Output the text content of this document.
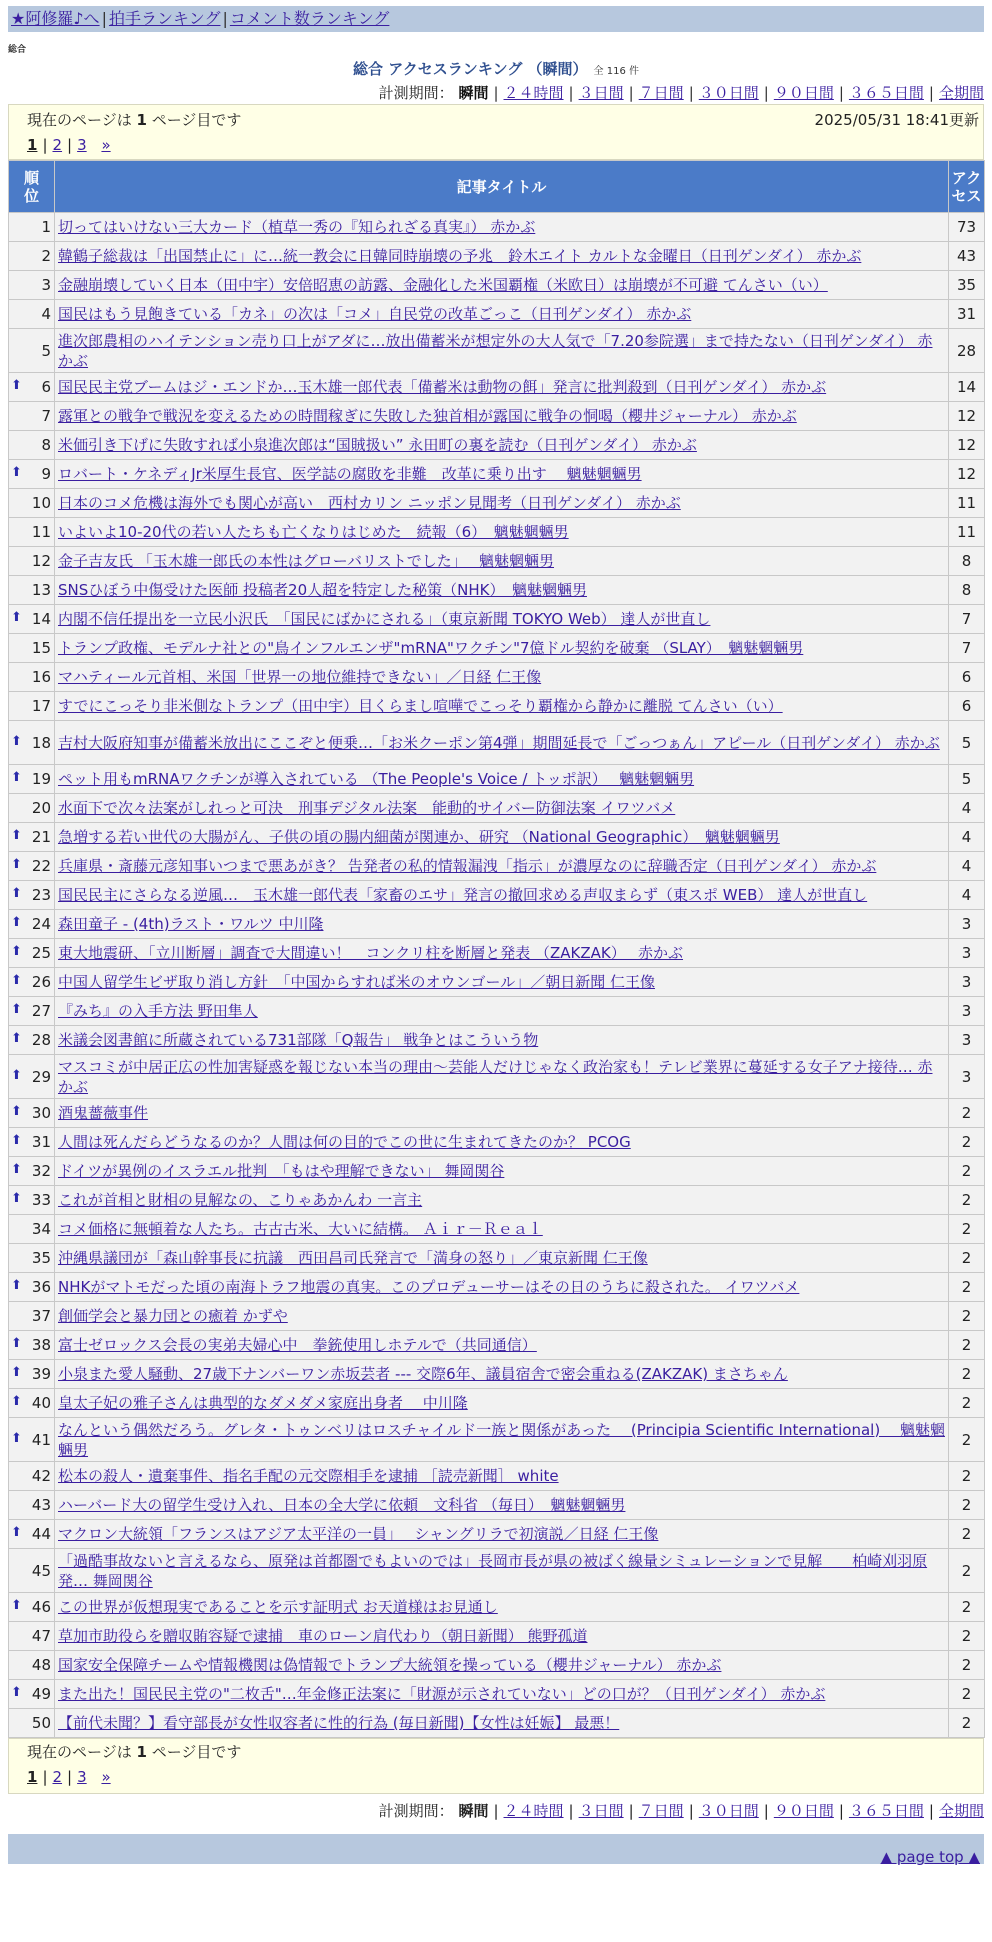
★阿修羅♪へ | 拍手ランキング | コメント数ランキング
総合
総合 アクセスランキング （瞬間） 全 116 件
計測期間： 瞬間 | ２４時間 | ３日間 | ７日間 | ３０日間 | ９０日間 | ３６５日間 | 全期間
現在のページは 1 ページ目です	2025/05/31 18:41更新
1 | 2 | 3 »
順位	記事タイトル	アクセス
1	切ってはいけない三大カード（植草一秀の『知られざる真実』） 赤かぶ	73
2	韓鶴子総裁は「出国禁止に」に…統一教会に日韓同時崩壊の予兆　鈴木エイト カルトな金曜日（日刊ゲンダイ） 赤かぶ	43
3	金融崩壊していく日本（田中宇）安倍昭恵の訪露、金融化した米国覇権（米欧日）は崩壊が不可避 てんさい（い）	35
4	国民はもう見飽きている「カネ」の次は「コメ」自民党の改革ごっこ（日刊ゲンダイ） 赤かぶ	31
5	進次郎農相のハイテンション売り口上がアダに…放出備蓄米が想定外の大人気で「7.20参院選」まで持たない（日刊ゲンダイ） 赤かぶ	28

⬆ 6	国民民主党ブームはジ・エンドか…玉木雄一郎代表「備蓄米は動物の餌」発言に批判殺到（日刊ゲンダイ） 赤かぶ	14
7	露軍との戦争で戦況を変えるための時間稼ぎに失敗した独首相が露国に戦争の恫喝（櫻井ジャーナル） 赤かぶ	12
8	米価引き下げに失敗すれば小泉進次郎は“国賊扱い” 永田町の裏を読む（日刊ゲンダイ） 赤かぶ	12

⬆ 9	ロバート・ケネディJr米厚生長官、医学誌の腐敗を非難　改革に乗り出す　 魑魅魍魎男	12
10	日本のコメ危機は海外でも関心が高い　西村カリン ニッポン見聞考（日刊ゲンダイ） 赤かぶ	11
11	いよいよ10-20代の若い人たちも亡くなりはじめた　続報（6）　魑魅魍魎男	11
12	金子吉友氏 「玉木雄一郎氏の本性はグローバリストでした」　 魑魅魍魎男	8
13	SNSひぼう中傷受けた医師 投稿者20人超を特定した秘策（NHK）　魑魅魍魎男	8

⬆ 14	内閣不信任提出を一立民小沢氏　「国民にばかにされる」（東京新聞 TOKYO Web） 達人が世直し	7
15	トランプ政権、モデルナ社との"鳥インフルエンザ"mRNA"ワクチン"7億ドル契約を破棄 （SLAY）　魑魅魍魎男	7
16	マハティール元首相、米国「世界一の地位維持できない」／日経 仁王像	6
17	すでにこっそり非米側なトランプ（田中宇）目くらまし喧嘩でこっそり覇権から静かに離脱 てんさい（い）	6

⬆ 18	吉村大阪府知事が備蓄米放出にここぞと便乗…「お米クーポン第4弾」期間延長で「ごっつぁん」アピール（日刊ゲンダイ） 赤かぶ	5

⬆ 19	ペット用もmRNAワクチンが導入されている （The People's Voice / トッポ訳）　 魑魅魍魎男	5
20	水面下で次々法案がしれっと可決　刑事デジタル法案　能動的サイバー防御法案 イワツバメ	4

⬆ 21	急増する若い世代の大腸がん、子供の頃の腸内細菌が関連か、研究 （National Geographic）　魑魅魍魎男	4

⬆ 22	兵庫県・斎藤元彦知事いつまで悪あがき？ 告発者の私的情報漏洩「指示」が濃厚なのに辞職否定（日刊ゲンダイ） 赤かぶ	4

⬆ 23	国民民主にさらなる逆風…　玉木雄一郎代表「家畜のエサ」発言の撤回求める声収まらず（東スポ WEB） 達人が世直し	4

⬆ 24	森田童子 - (4th)ラスト・ワルツ 中川隆	3

⬆ 25	東大地震研、「立川断層」調査で大間違い！　コンクリ柱を断層と発表 （ZAKZAK）　 赤かぶ	3

⬆ 26	中国人留学生ビザ取り消し方針　「中国からすれば米のオウンゴール」／朝日新聞 仁王像	3

⬆ 27	『みち』の入手方法 野田隼人	3

⬆ 28	米議会図書館に所蔵されている731部隊「Q報告」 戦争とはこういう物	3

⬆ 29	マスコミが中居正広の性加害疑惑を報じない本当の理由～芸能人だけじゃなく政治家も！テレビ業界に蔓延する女子アナ接待… 赤かぶ	3

⬆ 30	酒鬼薔薇事件	2

⬆ 31	人間は死んだらどうなるのか？人間は何の目的でこの世に生まれてきたのか？ PCOG	2

⬆ 32	ドイツが異例のイスラエル批判　「もはや理解できない」 舞岡関谷	2

⬆ 33	これが首相と財相の見解なの、こりゃあかんわ 一言主	2
34	コメ価格に無頓着な人たち。古古古米、大いに結構。 Ａｉｒ－Ｒｅａｌ	2
35	沖縄県議団が「森山幹事長に抗議　西田昌司氏発言で「満身の怒り」／東京新聞 仁王像	2

⬆ 36	NHKがマトモだった頃の南海トラフ地震の真実。このプロデューサーはその日のうちに殺された。 イワツバメ	2
37	創価学会と暴力団との癒着 かずや	2

⬆ 38	富士ゼロックス会長の実弟夫婦心中　拳銃使用しホテルで（共同通信）	2

⬆ 39	小泉また愛人騒動、27歳下ナンバーワン赤坂芸者 --- 交際6年、議員宿舎で密会重ねる(ZAKZAK) まさちゃん	2

⬆ 40	皇太子妃の雅子さんは典型的なダメダメ家庭出身者　 中川隆	2

⬆ 41	なんという偶然だろう。グレタ・トゥンベリはロスチャイルド一族と関係があった　 (Principia Scientific International)　 魑魅魍魎男	2
42	松本の殺人・遺棄事件、指名手配の元交際相手を逮捕 ［読売新聞］ white	2
43	ハーバード大の留学生受け入れ、日本の全大学に依頼　文科省 （毎日）　魑魅魍魎男	2

⬆ 44	マクロン大統領「フランスはアジア太平洋の一員」　 シャングリラで初演説／日経 仁王像	2
45	「過酷事故ないと言えるなら、原発は首都圏でもよいのでは」長岡市長が県の被ばく線量シミュレーションで見解　　柏崎刈羽原発… 舞岡関谷	2

⬆ 46	この世界が仮想現実であることを示す証明式 お天道様はお見通し	2
47	草加市助役らを贈収賄容疑で逮捕　車のローン肩代わり（朝日新聞） 熊野孤道	2
48	国家安全保障チームや情報機関は偽情報でトランプ大統領を操っている（櫻井ジャーナル） 赤かぶ	2

⬆ 49	また出た！国民民主党の"二枚舌"…年金修正法案に「財源が示されていない」どの口が？（日刊ゲンダイ） 赤かぶ	2
50	【前代未聞？】看守部長が女性収容者に性的行為 (毎日新聞)【女性は妊娠】 最悪！	2
現在のページは 1 ページ目です
1 | 2 | 3 »
計測期間： 瞬間 | ２４時間 | ３日間 | ７日間 | ３０日間 | ９０日間 | ３６５日間 | 全期間
▲ page top ▲
